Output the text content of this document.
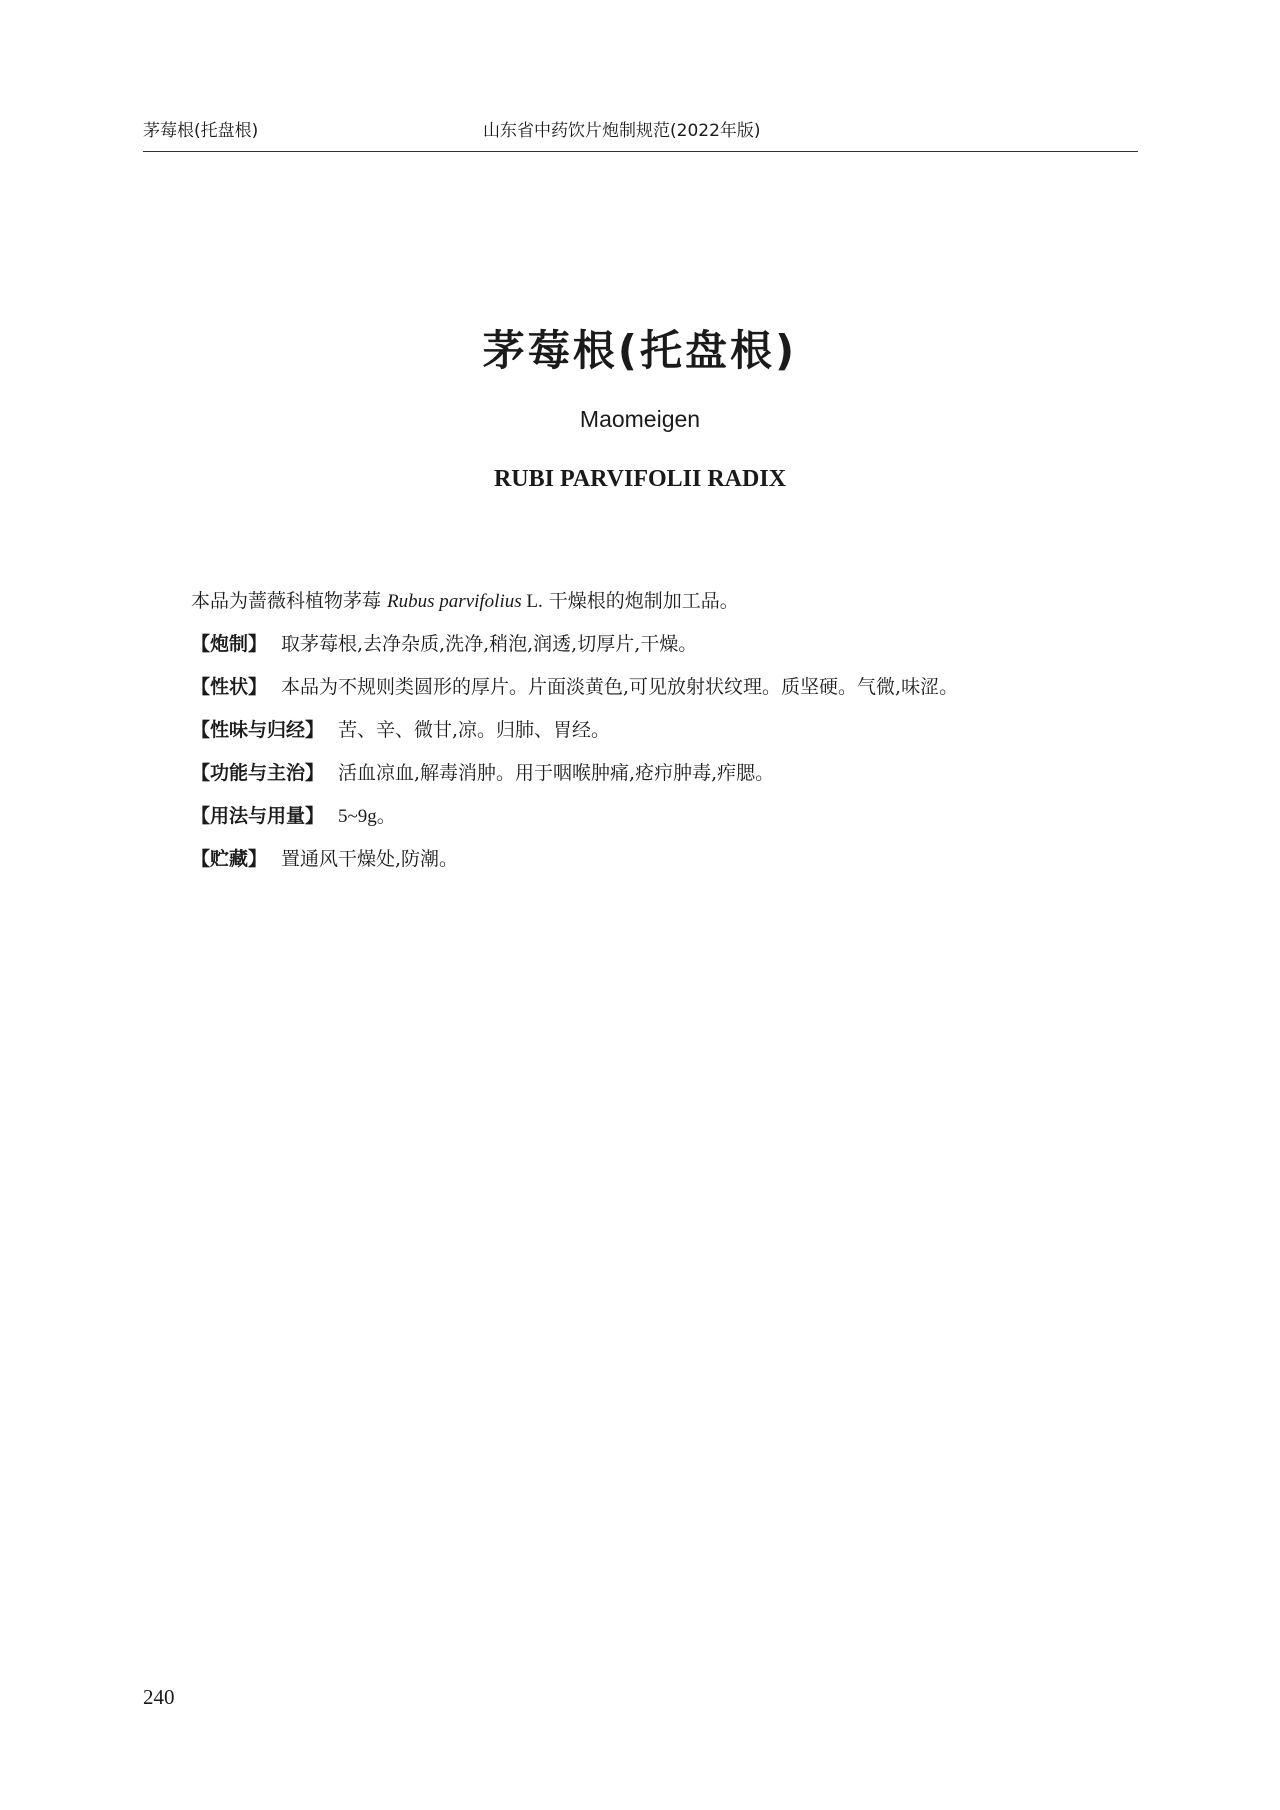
茅莓根(托盘根)	山东省中药饮片炮制规范(2022年版)
茅莓根(托盘根)
Maomeigen
RUBI PARVIFOLII RADIX

本品为蔷薇科植物茅莓 Rubus parvifolius L. 干燥根的炮制加工品。

【炮制】 取茅莓根,去净杂质,洗净,稍泡,润透,切厚片,干燥。

【性状】 本品为不规则类圆形的厚片。片面淡黄色,可见放射状纹理。质坚硬。气微,味涩。

【性味与归经】 苦、辛、微甘,凉。归肺、胃经。

【功能与主治】 活血凉血,解毒消肿。用于咽喉肿痛,疮疖肿毒,痄腮。

【用法与用量】 5~9g。

【贮藏】 置通风干燥处,防潮。

240
